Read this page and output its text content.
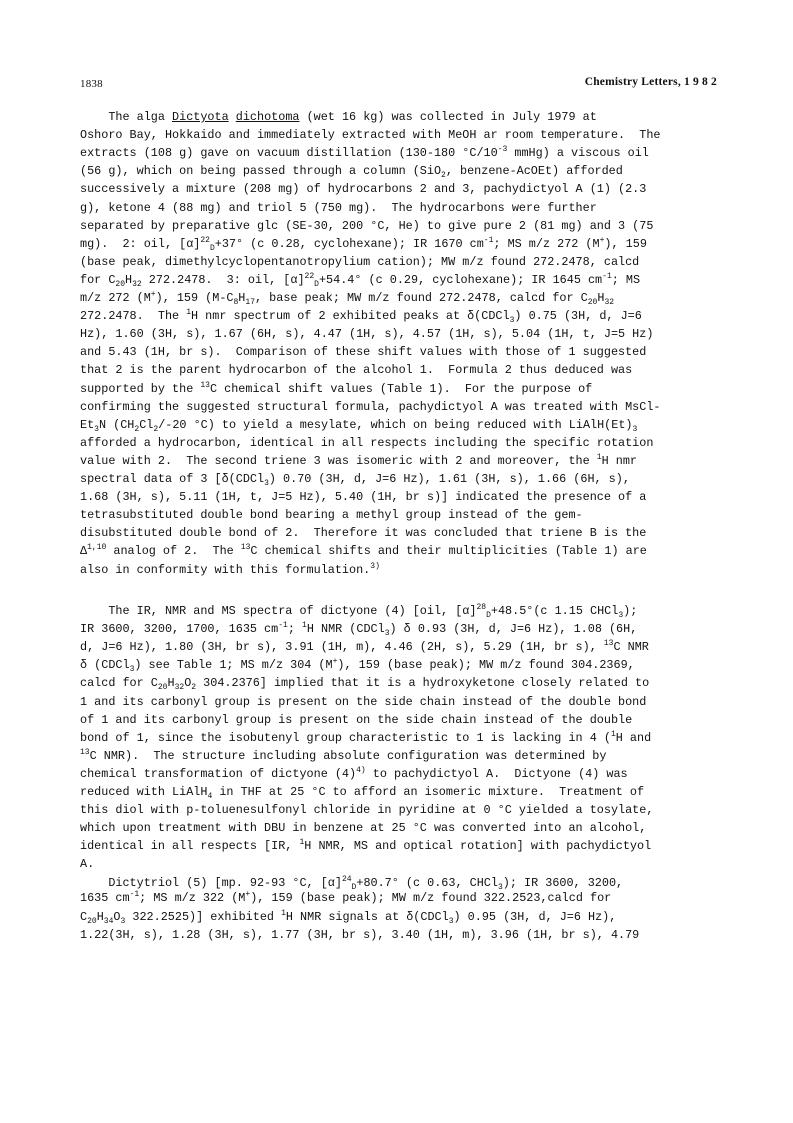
1838	Chemistry Letters, 1 9 8 2
The alga Dictyota dichotoma (wet 16 kg) was collected in July 1979 at
Oshoro Bay, Hokkaido and immediately extracted with MeOH ar room temperature.  The
extracts (108 g) gave on vacuum distillation (130-180 $^\circ C/10^{-3}$ mmHg) a viscous oil
(56 g), which on being passed through a column (SiO$_2$, benzene-AcOEt) afforded
successively a mixture (208 mg) of hydrocarbons 2 and 3, pachydictyol A (1) (2.3
g), ketone 4 (88 mg) and triol 5 (750 mg).  The hydrocarbons were further
separated by preparative glc (SE-30, 200 °C, He) to give pure 2 (81 mg) and 3 (75
mg).  2: oil, $[\alpha]^{22}_D+37^\circ$ (c 0.28, cyclohexane); IR 1670 $cm^{-1}$; MS m/z 272 (M+), 159
(base peak, dimethylcyclopentanotropylium cation); MW m/z found 272.2478, calcd
for $C_{20}H_{32}$ 272.2478.  3: oil, $[\alpha]^{22}_D+54.4^\circ$ (c 0.29, cyclohexane); IR 1645 $cm^{-1}$; MS
m/z 272 (M+), 159 ($M-C_8H_{17}$, base peak; MW m/z found 272.2478, calcd for $C_{20}H_{32}$
272.2478.  The $^1$H nmr spectrum of 2 exhibited peaks at δ(CDCl$_3$) 0.75 (3H, d, J=6
Hz), 1.60 (3H, s), 1.67 (6H, s), 4.47 (1H, s), 4.57 (1H, s), 5.04 (1H, t, J=5 Hz)
and 5.43 (1H, br s).  Comparison of these shift values with those of 1 suggested
that 2 is the parent hydrocarbon of the alcohol 1.  Formula 2 thus deduced was
supported by the $^{13}$C chemical shift values (Table 1).  For the purpose of
confirming the suggested structural formula, pachydictyol A was treated with MsCl-
$Et_3N$ ($CH_2Cl_2/-20$ °C) to yield a mesylate, which on being reduced with $LiAlH(Et)_3$
afforded a hydrocarbon, identical in all respects including the specific rotation
value with 2.  The second triene 3 was isomeric with 2 and moreover, the $^1$H nmr
spectral data of 3 [δ(CDCl$_3$) 0.70 (3H, d, J=6 Hz), 1.61 (3H, s), 1.66 (6H, s),
1.68 (3H, s), 5.11 (1H, t, J=5 Hz), 5.40 (1H, br s)] indicated the presence of a
tetrasubstituted double bond bearing a methyl group instead of the gem-
disubstituted double bond of 2.  Therefore it was concluded that triene B is the
Δ$^{1,10}$ analog of 2.  The $^{13}$C chemical shifts and their multiplicities (Table 1) are
also in conformity with this formulation.$^{3)}$
The IR, NMR and MS spectra of dictyone (4) [oil, $[\alpha]^{28}_D+48.5^\circ(c$ 1.15 CHCl$_3$);
IR 3600, 3200, 1700, 1635 $cm^{-1}$; $^1$H NMR (CDCl$_3$) δ 0.93 (3H, d, J=6 Hz), 1.08 (6H,
d, J=6 Hz), 1.80 (3H, br s), 3.91 (1H, m), 4.46 (2H, s), 5.29 (1H, br s), $^{13}$C NMR
δ (CDCl$_3$) see Table 1; MS m/z 304 (M+), 159 (base peak); MW m/z found 304.2369,
calcd for $C_{20}H_{32}O_2$ 304.2376] implied that it is a hydroxyketone closely related to
1 and its carbonyl group is present on the side chain instead of the double bond
of 1 and its carbonyl group is present on the side chain instead of the double
bond of 1, since the isobutenyl group characteristic to 1 is lacking in 4 ($^1$H and
$^{13}$C NMR).  The structure including absolute configuration was determined by
chemical transformation of dictyone $(4)^{4)}$ to pachydictyol A.  Dictyone (4) was
reduced with LiAlH$_4$ in THF at 25 °C to afford an isomeric mixture.  Treatment of
this diol with p-toluenesulfonyl chloride in pyridine at 0 °C yielded a tosylate,
which upon treatment with DBU in benzene at 25 °C was converted into an alcohol,
identical in all respects [IR, $^1$H NMR, MS and optical rotation] with pachydictyol
A.
Dictytriol (5) [mp. 92-93 °C, $[\alpha]^{24}_D+80.7^\circ$ (c 0.63, CHCl$_3$); IR 3600, 3200,
1635 $cm^{-1}$; MS m/z 322 (M+), 159 (base peak); MW m/z found 322.2523,calcd for
$C_{20}H_{34}O_3$ 322.2525)] exhibited $^1$H NMR signals at δ(CDCl$_3$) 0.95 (3H, d, J=6 Hz),
1.22(3H, s), 1.28 (3H, s), 1.77 (3H, br s), 3.40 (1H, m), 3.96 (1H, br s), 4.79
